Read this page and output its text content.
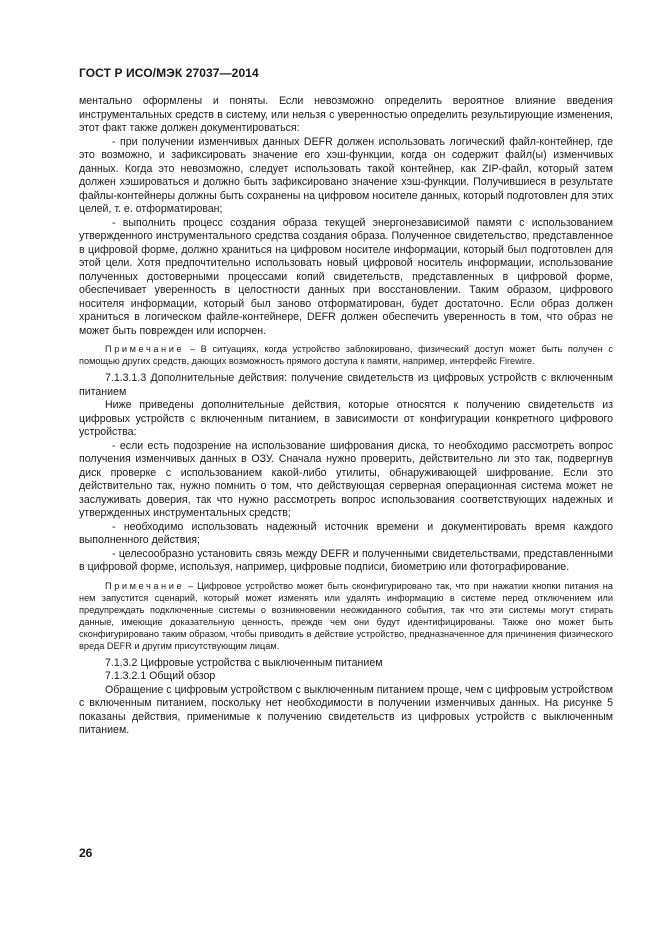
ГОСТ Р ИСО/МЭК 27037—2014

ментально оформлены и поняты. Если невозможно определить вероятное влияние введения инструментальных средств в систему, или нельзя с уверенностью определить результирующие изменения, этот факт также должен документироваться:

- при получении изменчивых данных DEFR должен использовать логический файл-контейнер, где это возможно, и зафиксировать значение его хэш-функции, когда он содержит файл(ы) изменчивых данных. Когда это невозможно, следует использовать такой контейнер, как ZIP-файл, который затем должен хэшироваться и должно быть зафиксировано значение хэш-функции. Получившиеся в результате файлы-контейнеры должны быть сохранены на цифровом носителе данных, который подготовлен для этих целей, т. е. отформатирован;

- выполнить процесс создания образа текущей энергонезависимой памяти с использованием утвержденного инструментального средства создания образа. Полученное свидетельство, представленное в цифровой форме, должно храниться на цифровом носителе информации, который был подготовлен для этой цели. Хотя предпочтительно использовать новый цифровой носитель информации, использование полученных достоверными процессами копий свидетельств, представленных в цифровой форме, обеспечивает уверенность в целостности данных при восстановлении. Таким образом, цифрового носителя информации, который был заново отформатирован, будет достаточно. Если образ должен храниться в логическом файле-контейнере, DEFR должен обеспечить уверенность в том, что образ не может быть поврежден или испорчен.

Примечание – В ситуациях, когда устройство заблокировано, физический доступ может быть получен с помощью других средств, дающих возможность прямого доступа к памяти, например, интерфейс Firewire.

7.1.3.1.3 Дополнительные действия: получение свидетельств из цифровых устройств с включенным питанием

Ниже приведены дополнительные действия, которые относятся к получению свидетельств из цифровых устройств с включенным питанием, в зависимости от конфигурации конкретного цифрового устройства:

- если есть подозрение на использование шифрования диска, то необходимо рассмотреть вопрос получения изменчивых данных в ОЗУ. Сначала нужно проверить, действительно ли это так, подвергнув диск проверке с использованием какой-либо утилиты, обнаруживающей шифрование. Если это действительно так, нужно помнить о том, что действующая серверная операционная система может не заслуживать доверия, так что нужно рассмотреть вопрос использования соответствующих надежных и утвержденных инструментальных средств;

- необходимо использовать надежный источник времени и документировать время каждого выполненного действия;

- целесообразно установить связь между DEFR и полученными свидетельствами, представленными в цифровой форме, используя, например, цифровые подписи, биометрию или фотографирование.

Примечание – Цифровое устройство может быть сконфигурировано так, что при нажатии кнопки питания на нем запустится сценарий, который может изменять или удалять информацию в системе перед отключением или предупреждать подключенные системы о возникновении неожиданного события, так что эти системы могут стирать данные, имеющие доказательную ценность, прежде чем они будут идентифицированы. Также оно может быть сконфигурировано таким образом, чтобы приводить в действие устройство, предназначенное для причинения физического вреда DEFR и другим присутствующим лицам.

7.1.3.2 Цифровые устройства с выключенным питанием

7.1.3.2.1 Общий обзор

Обращение с цифровым устройством с выключенным питанием проще, чем с цифровым устройством с включенным питанием, поскольку нет необходимости в получении изменчивых данных. На рисунке 5 показаны действия, применимые к получению свидетельств из цифровых устройств с выключенным питанием.

26
